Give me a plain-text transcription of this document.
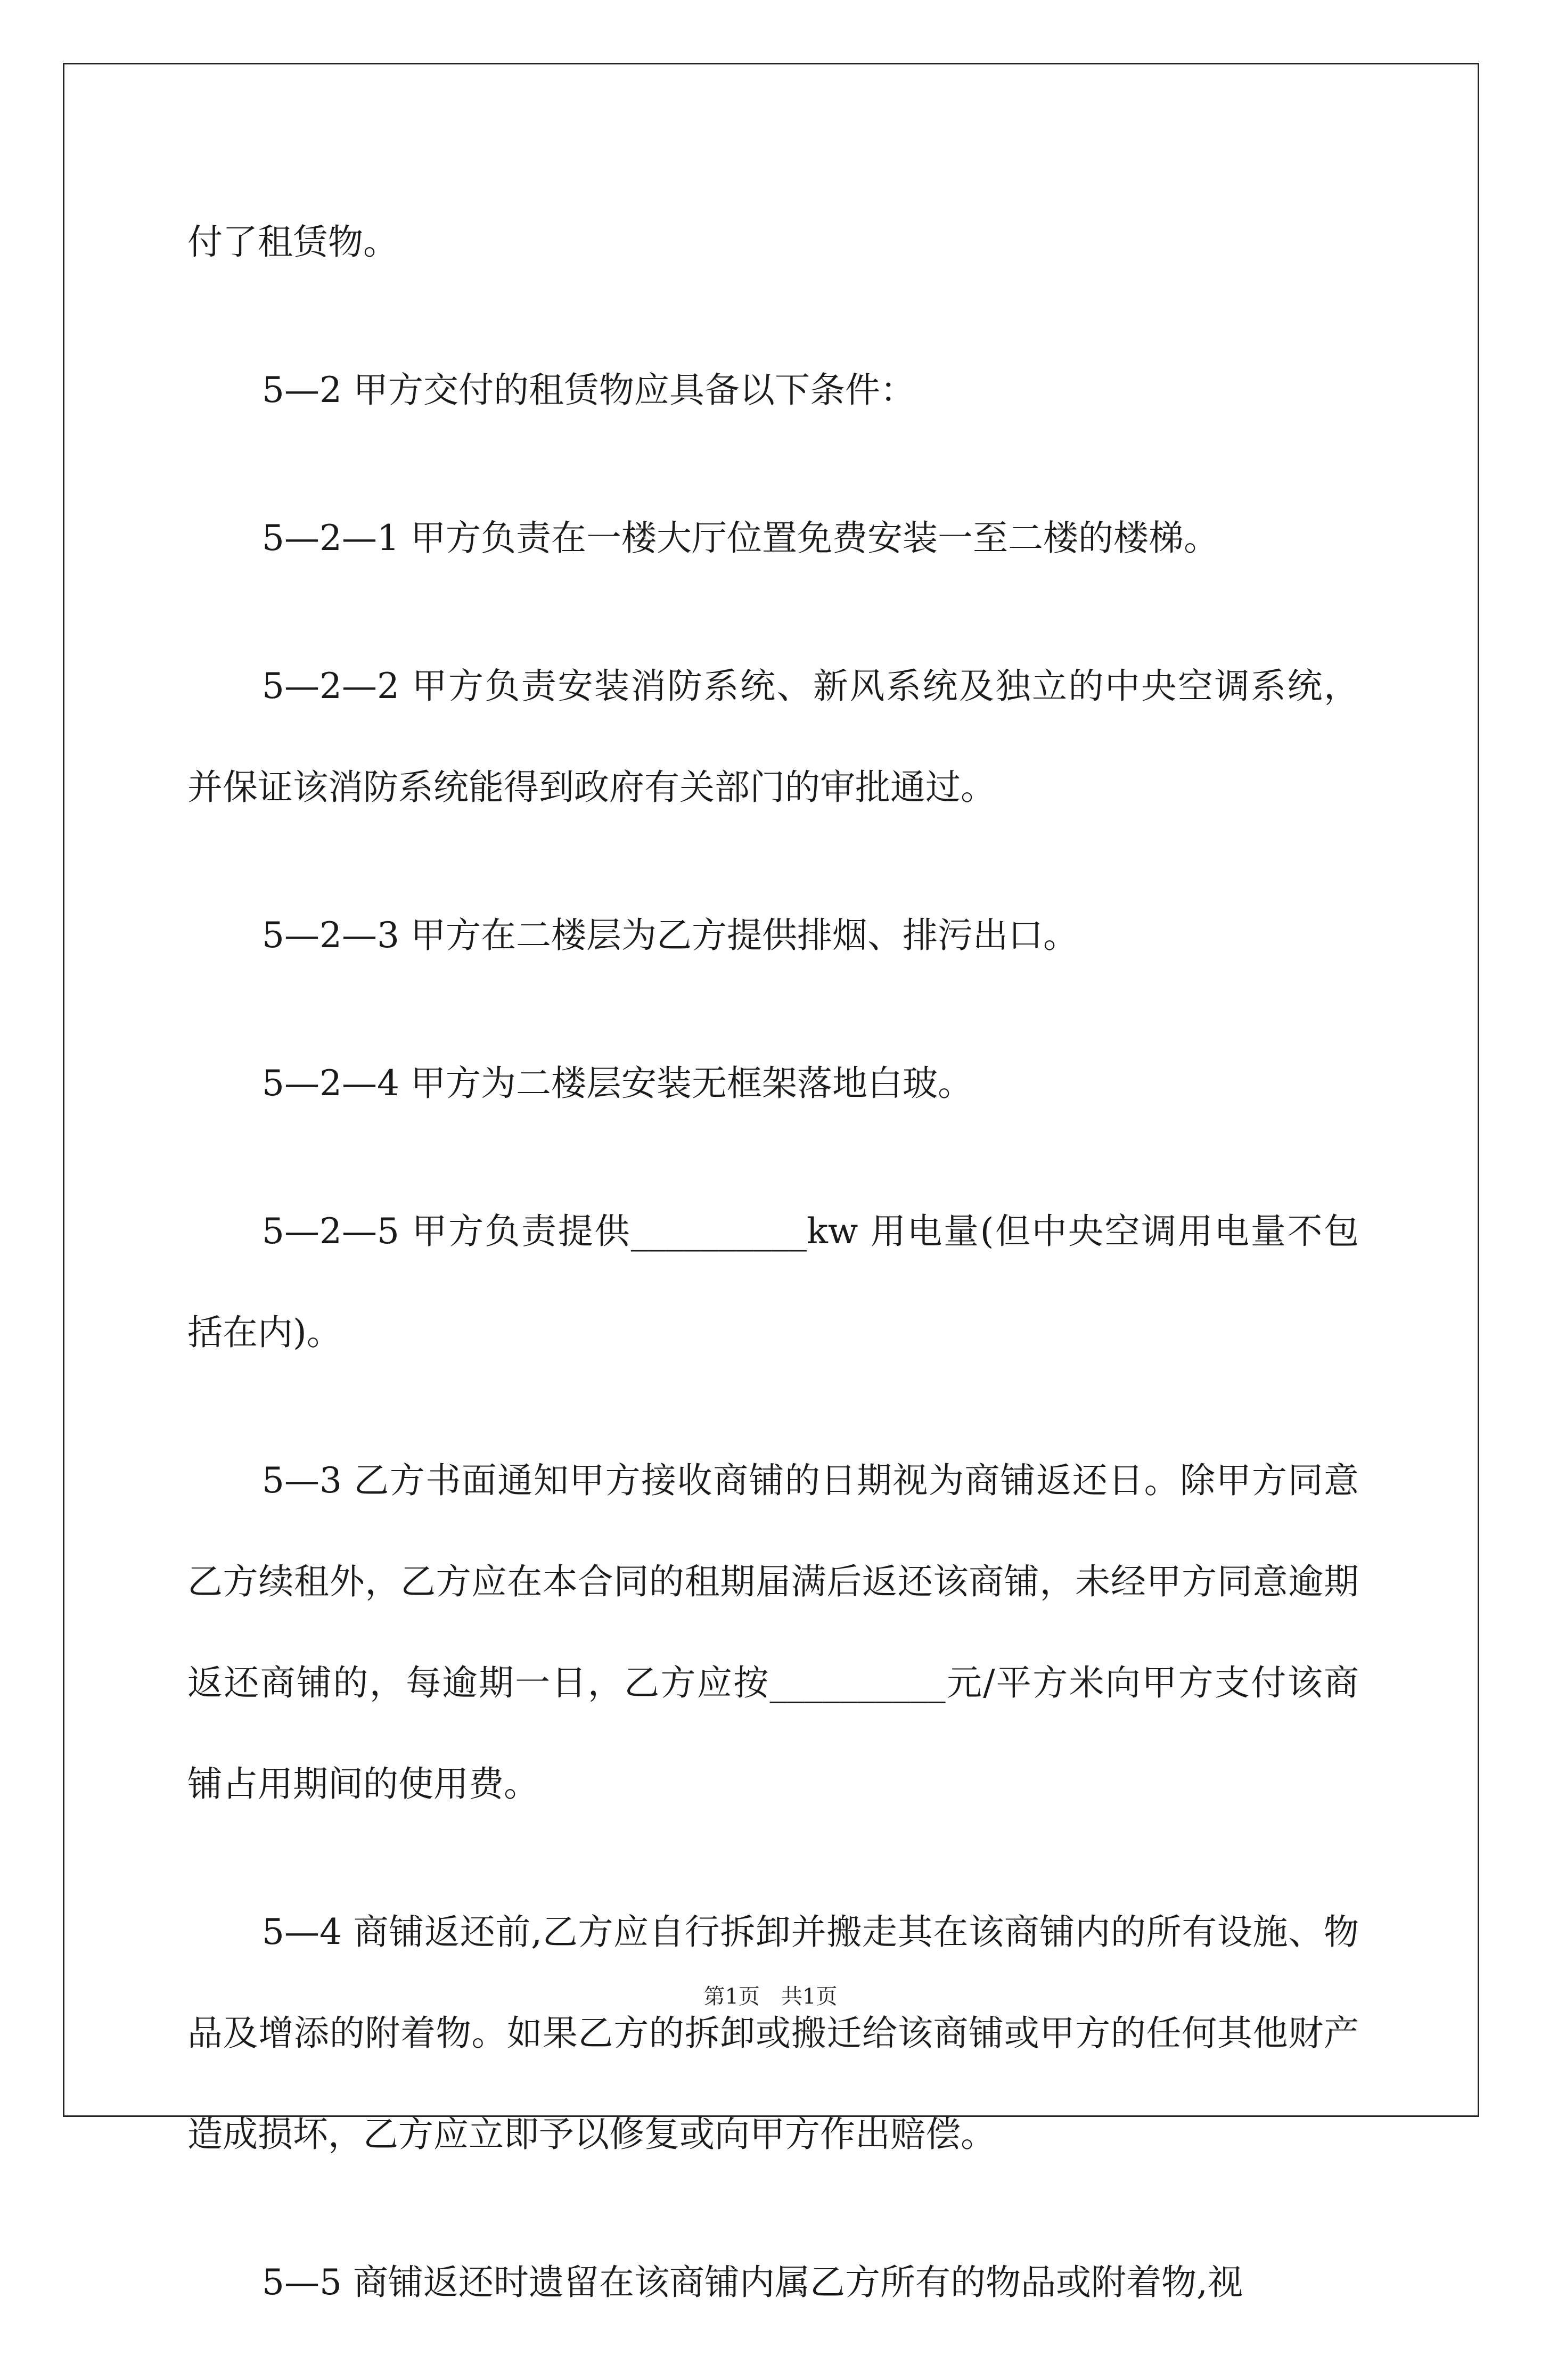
付了租赁物。

5—2 甲方交付的租赁物应具备以下条件：

5—2—1 甲方负责在一楼大厅位置免费安装一至二楼的楼梯。

5—2—2 甲方负责安装消防系统、新风系统及独立的中央空调系统，并保证该消防系统能得到政府有关部门的审批通过。

5—2—3 甲方在二楼层为乙方提供排烟、排污出口。

5—2—4 甲方为二楼层安装无框架落地白玻。

5—2—5 甲方负责提供__________kw 用电量(但中央空调用电量不包括在内)。

5—3 乙方书面通知甲方接收商铺的日期视为商铺返还日。除甲方同意乙方续租外，乙方应在本合同的租期届满后返还该商铺，未经甲方同意逾期返还商铺的，每逾期一日，乙方应按__________元/平方米向甲方支付该商铺占用期间的使用费。

5—4 商铺返还前,乙方应自行拆卸并搬走其在该商铺内的所有设施、物品及增添的附着物。如果乙方的拆卸或搬迁给该商铺或甲方的任何其他财产造成损坏，乙方应立即予以修复或向甲方作出赔偿。

5—5 商铺返还时遗留在该商铺内属乙方所有的物品或附着物,视

第1页　共1页
